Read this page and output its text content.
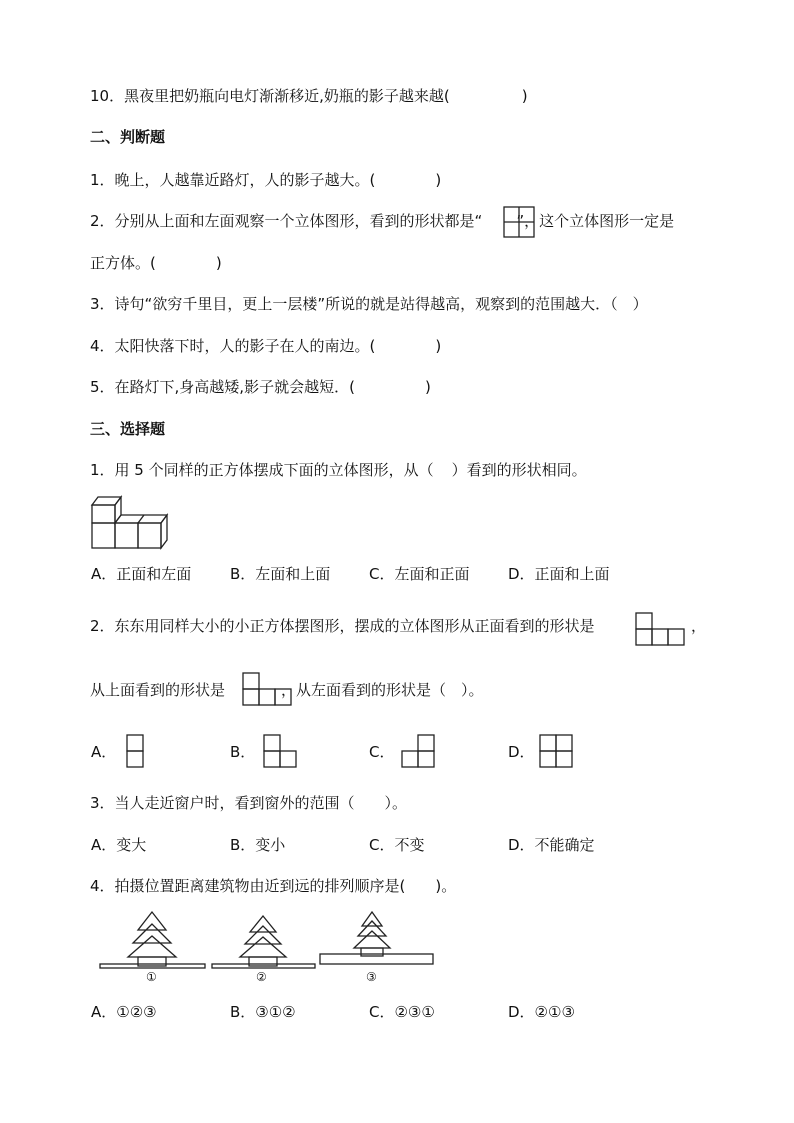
10．黑夜里把奶瓶向电灯渐渐移近,奶瓶的影子越来越(	)
二、判断题
1．晚上，人越靠近路灯，人的影子越大。(	)
2．分别从上面和左面观察一个立体图形，看到的形状都是“ ”，这个立体图形一定是
正方体。(	)
3．诗句“欲穷千里目，更上一层楼”所说的就是站得越高，观察到的范围越大．（　）
4．太阳快落下时，人的影子在人的南边。(	)
5．在路灯下,身高越矮,影子就会越短．(	)
三、选择题
1．用 5 个同样的正方体摆成下面的立体图形，从（ ）看到的形状相同。
A．正面和左面	B．左面和上面	C．左面和正面	D．正面和上面
2．东东用同样大小的小正方体摆图形，摆成的立体图形从正面看到的形状是	，
从上面看到的形状是	，从左面看到的形状是（　）。
A．	B．	C．	D．
3．当人走近窗户时，看到窗外的范围（　　）。
A．变大	B．变小	C．不变	D．不能确定
4．拍摄位置距离建筑物由近到远的排列顺序是(　　)。
①	②	③
A．①②③	B．③①②	C．②③①	D．②①③
